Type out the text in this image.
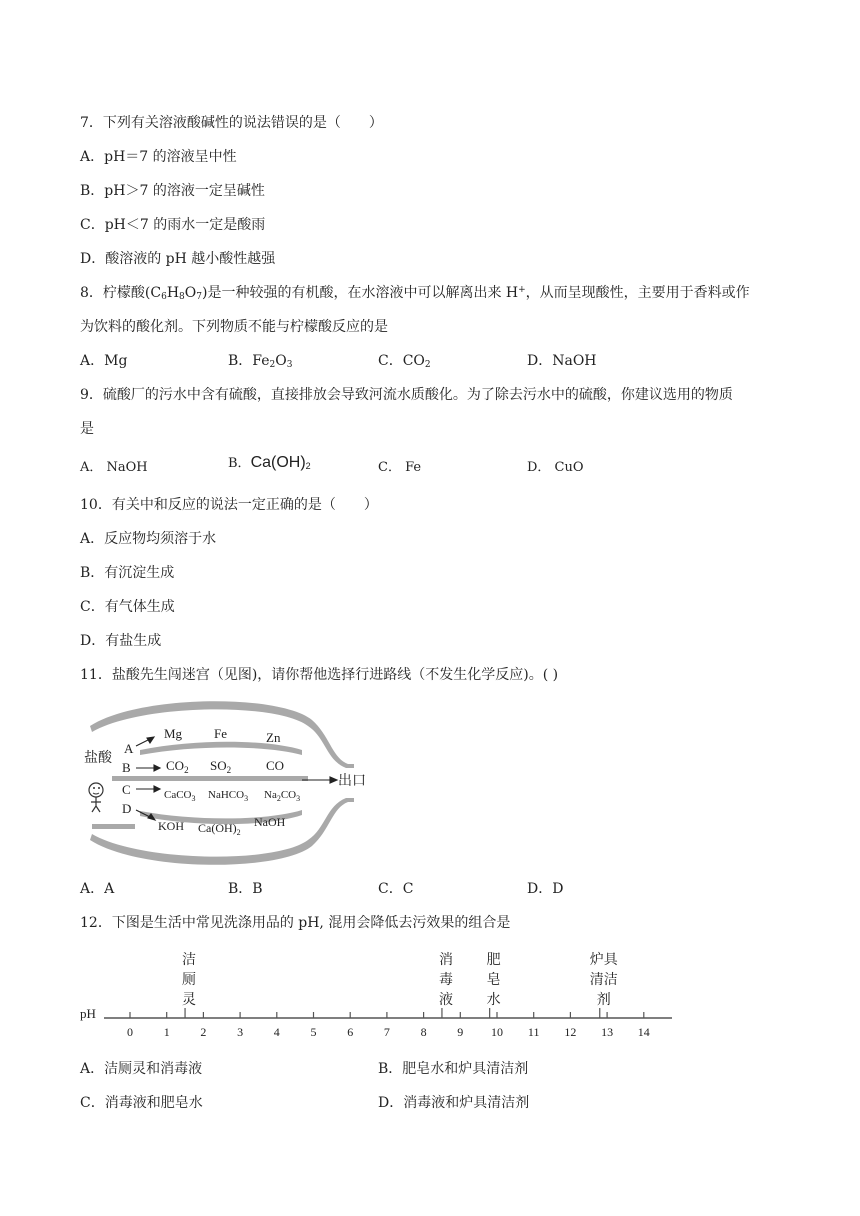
7．下列有关溶液酸碱性的说法错误的是（　　）
A．pH＝7 的溶液呈中性
B．pH＞7 的溶液一定呈碱性
C．pH＜7 的雨水一定是酸雨
D．酸溶液的 pH 越小酸性越强
8．柠檬酸$(C_6H_8O_7)$是一种较强的有机酸，在水溶液中可以解离出来 H+，从而呈现酸性，主要用于香料或作
为饮料的酸化剂。下列物质不能与柠檬酸反应的是
A．Mg	B．$Fe_2O_3$	C．$CO_2$	D．NaOH
9．硫酸厂的污水中含有硫酸，直接排放会导致河流水质酸化。为了除去污水中的硫酸，你建议选用的物质
是
A． NaOH	B．$Ca(OH)_2$	C． Fe	D． CuO
10．有关中和反应的说法一定正确的是（　　）
A．反应物均须溶于水
B．有沉淀生成
C．有气体生成
D．有盐生成
11．盐酸先生闯迷宫（见图)，请你帮他选择行进路线（不发生化学反应)。( )
盐酸
A
B
C
D
出口
Mg Fe	Zn
$CO_2$ $SO_2$	CO
CaCO$_3$ NaHCO$_3$ $Na_2CO_3$
KOH $Ca(OH)_2$
NaOH
A．A	B．B	C．C	D．D
12．下图是生活中常见洗涤用品的 pH, 混用会降低去污效果的组合是
pH
0	1	2	3	4	5	6	7	8	9 10 11 12 13 14
洁厕灵
消毒液
肥皂水
炉具清洁剂
A．洁厕灵和消毒液	B．肥皂水和炉具清洁剂
C．消毒液和肥皂水	D．消毒液和炉具清洁剂
